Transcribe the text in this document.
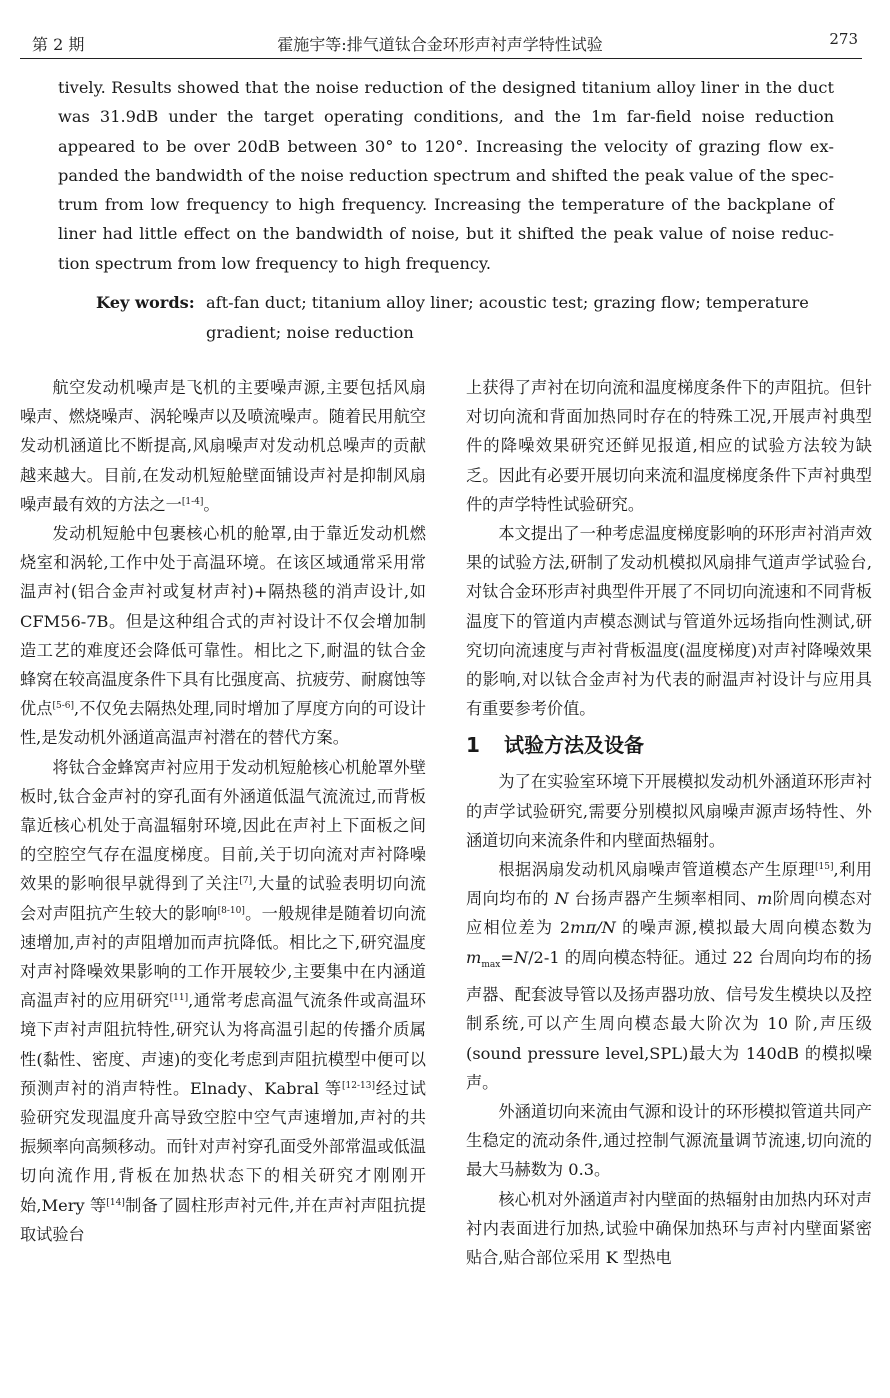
第 2 期	霍施宇等:排气道钛合金环形声衬声学特性试验	273

tively. Results showed that the noise reduction of the designed titanium alloy liner in the duct was 31.9dB under the target operating conditions, and the 1m far-field noise reduction appeared to be over 20dB between 30° to 120°. Increasing the velocity of grazing flow expanded the bandwidth of the noise reduction spectrum and shifted the peak value of the spectrum from low frequency to high frequency. Increasing the temperature of the backplane of liner had little effect on the bandwidth of noise, but it shifted the peak value of noise reduction spectrum from low frequency to high frequency.

Key words: aft-fan duct; titanium alloy liner; acoustic test; grazing flow; temperature gradient; noise reduction

航空发动机噪声是飞机的主要噪声源,主要包括风扇噪声、燃烧噪声、涡轮噪声以及喷流噪声。随着民用航空发动机涵道比不断提高,风扇噪声对发动机总噪声的贡献越来越大。目前,在发动机短舱壁面铺设声衬是抑制风扇噪声最有效的方法之一[1-4]。

发动机短舱中包裹核心机的舱罩,由于靠近发动机燃烧室和涡轮,工作中处于高温环境。在该区域通常采用常温声衬(铝合金声衬或复材声衬)+隔热毯的消声设计,如 CFM56-7B。但是这种组合式的声衬设计不仅会增加制造工艺的难度还会降低可靠性。相比之下,耐温的钛合金蜂窝在较高温度条件下具有比强度高、抗疲劳、耐腐蚀等优点[5-6],不仅免去隔热处理,同时增加了厚度方向的可设计性,是发动机外涵道高温声衬潜在的替代方案。

将钛合金蜂窝声衬应用于发动机短舱核心机舱罩外壁板时,钛合金声衬的穿孔面有外涵道低温气流流过,而背板靠近核心机处于高温辐射环境,因此在声衬上下面板之间的空腔空气存在温度梯度。目前,关于切向流对声衬降噪效果的影响很早就得到了关注[7],大量的试验表明切向流会对声阻抗产生较大的影响[8-10]。一般规律是随着切向流速增加,声衬的声阻增加而声抗降低。相比之下,研究温度对声衬降噪效果影响的工作开展较少,主要集中在内涵道高温声衬的应用研究[11],通常考虑高温气流条件或高温环境下声衬声阻抗特性,研究认为将高温引起的传播介质属性(黏性、密度、声速)的变化考虑到声阻抗模型中便可以预测声衬的消声特性。Elnady、Kabral 等[12-13]经过试验研究发现温度升高导致空腔中空气声速增加,声衬的共振频率向高频移动。而针对声衬穿孔面受外部常温或低温切向流作用,背板在加热状态下的相关研究才刚刚开始,Mery 等[14]制备了圆柱形声衬元件,并在声衬声阻抗提取试验台

上获得了声衬在切向流和温度梯度条件下的声阻抗。但针对切向流和背面加热同时存在的特殊工况,开展声衬典型件的降噪效果研究还鲜见报道,相应的试验方法较为缺乏。因此有必要开展切向来流和温度梯度条件下声衬典型件的声学特性试验研究。

本文提出了一种考虑温度梯度影响的环形声衬消声效果的试验方法,研制了发动机模拟风扇排气道声学试验台,对钛合金环形声衬典型件开展了不同切向流速和不同背板温度下的管道内声模态测试与管道外远场指向性测试,研究切向流速度与声衬背板温度(温度梯度)对声衬降噪效果的影响,对以钛合金声衬为代表的耐温声衬设计与应用具有重要参考价值。

1 试验方法及设备

为了在实验室环境下开展模拟发动机外涵道环形声衬的声学试验研究,需要分别模拟风扇噪声源声场特性、外涵道切向来流条件和内壁面热辐射。

根据涡扇发动机风扇噪声管道模态产生原理[15],利用周向均布的 N 台扬声器产生频率相同、m阶周向模态对应相位差为 2mπ/N 的噪声源,模拟最大周向模态数为 $m_{max}=N/2-1$ 的周向模态特征。通过 22 台周向均布的扬声器、配套波导管以及扬声器功放、信号发生模块以及控制系统,可以产生周向模态最大阶次为 10 阶,声压级(sound pressure level,SPL)最大为 140dB 的模拟噪声。

外涵道切向来流由气源和设计的环形模拟管道共同产生稳定的流动条件,通过控制气源流量调节流速,切向流的最大马赫数为 0.3。

核心机对外涵道声衬内壁面的热辐射由加热内环对声衬内表面进行加热,试验中确保加热环与声衬内壁面紧密贴合,贴合部位采用 K 型热电
